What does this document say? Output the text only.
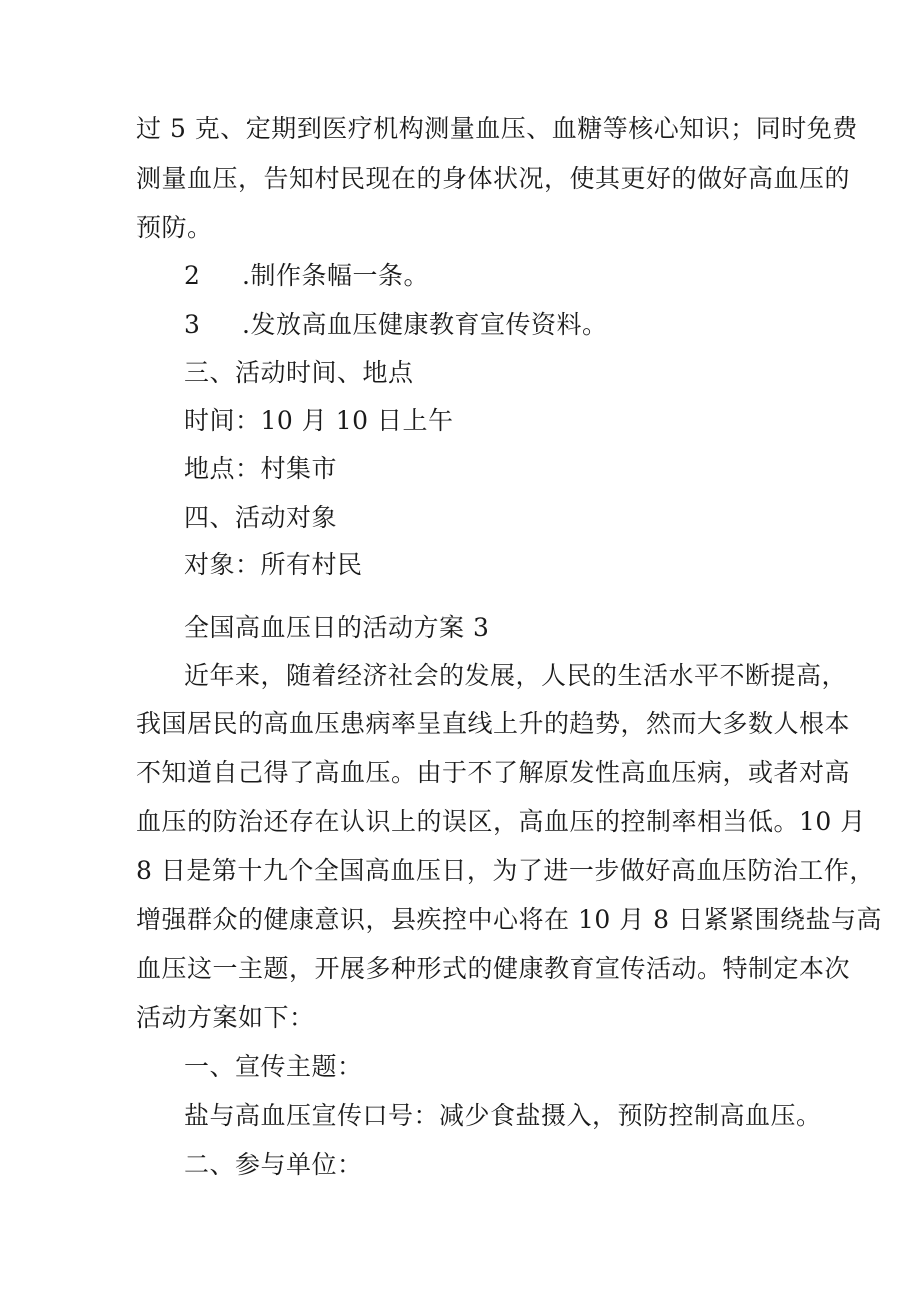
过 5 克、定期到医疗机构测量血压、血糖等核心知识；同时免费
测量血压，告知村民现在的身体状况，使其更好的做好高血压的
预防。
2 .制作条幅一条。
3 .发放高血压健康教育宣传资料。
三、活动时间、地点
时间：10 月 10 日上午
地点：村集市
四、活动对象
对象：所有村民
全国高血压日的活动方案 3
近年来，随着经济社会的发展，人民的生活水平不断提高，
我国居民的高血压患病率呈直线上升的趋势，然而大多数人根本
不知道自己得了高血压。由于不了解原发性高血压病，或者对高
血压的防治还存在认识上的误区，高血压的控制率相当低。10 月
8 日是第十九个全国高血压日，为了进一步做好高血压防治工作，
增强群众的健康意识，县疾控中心将在 10 月 8 日紧紧围绕盐与高
血压这一主题，开展多种形式的健康教育宣传活动。特制定本次
活动方案如下：
一、宣传主题：
盐与高血压宣传口号：减少食盐摄入，预防控制高血压。
二、参与单位：
